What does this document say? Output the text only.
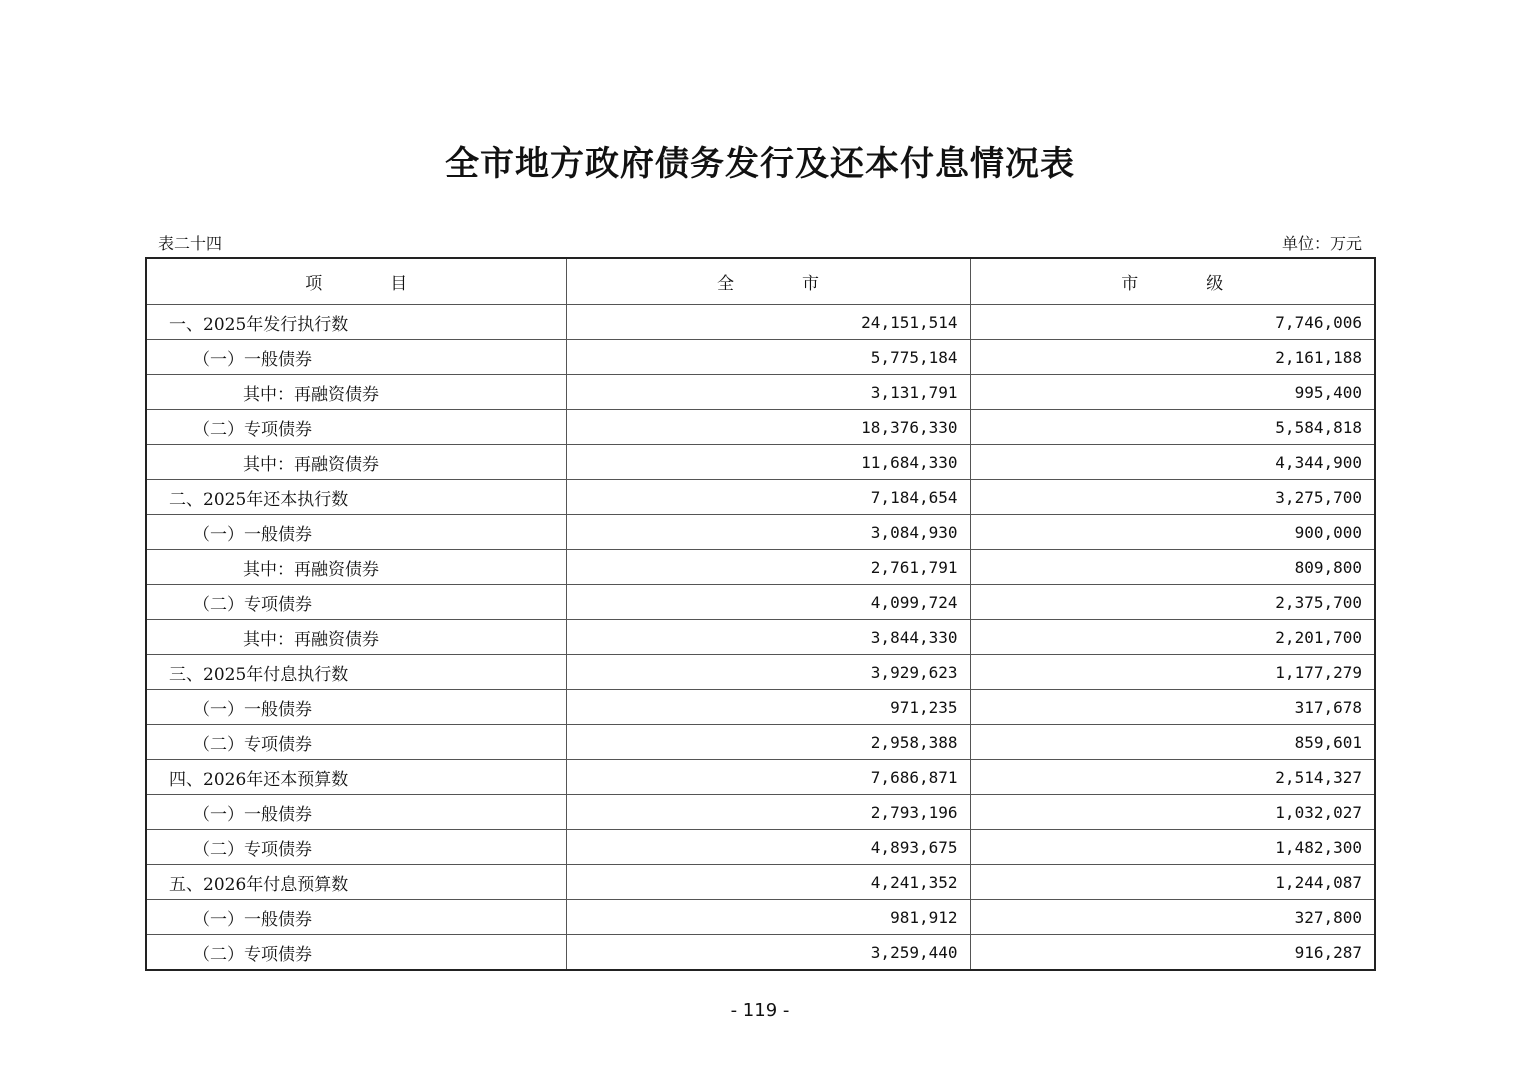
全市地方政府债务发行及还本付息情况表
表二十四	单位：万元
项　　　　目	全　　　　市	市　　　　级
一、2025年发行执行数	24,151,514	7,746,006
（一）一般债券	5,775,184	2,161,188
其中：再融资债券	3,131,791	995,400
（二）专项债券	18,376,330	5,584,818
其中：再融资债券	11,684,330	4,344,900
二、2025年还本执行数	7,184,654	3,275,700
（一）一般债券	3,084,930	900,000
其中：再融资债券	2,761,791	809,800
（二）专项债券	4,099,724	2,375,700
其中：再融资债券	3,844,330	2,201,700
三、2025年付息执行数	3,929,623	1,177,279
（一）一般债券	971,235	317,678
（二）专项债券	2,958,388	859,601
四、2026年还本预算数	7,686,871	2,514,327
（一）一般债券	2,793,196	1,032,027
（二）专项债券	4,893,675	1,482,300
五、2026年付息预算数	4,241,352	1,244,087
（一）一般债券	981,912	327,800
（二）专项债券	3,259,440	916,287
- 119 -
